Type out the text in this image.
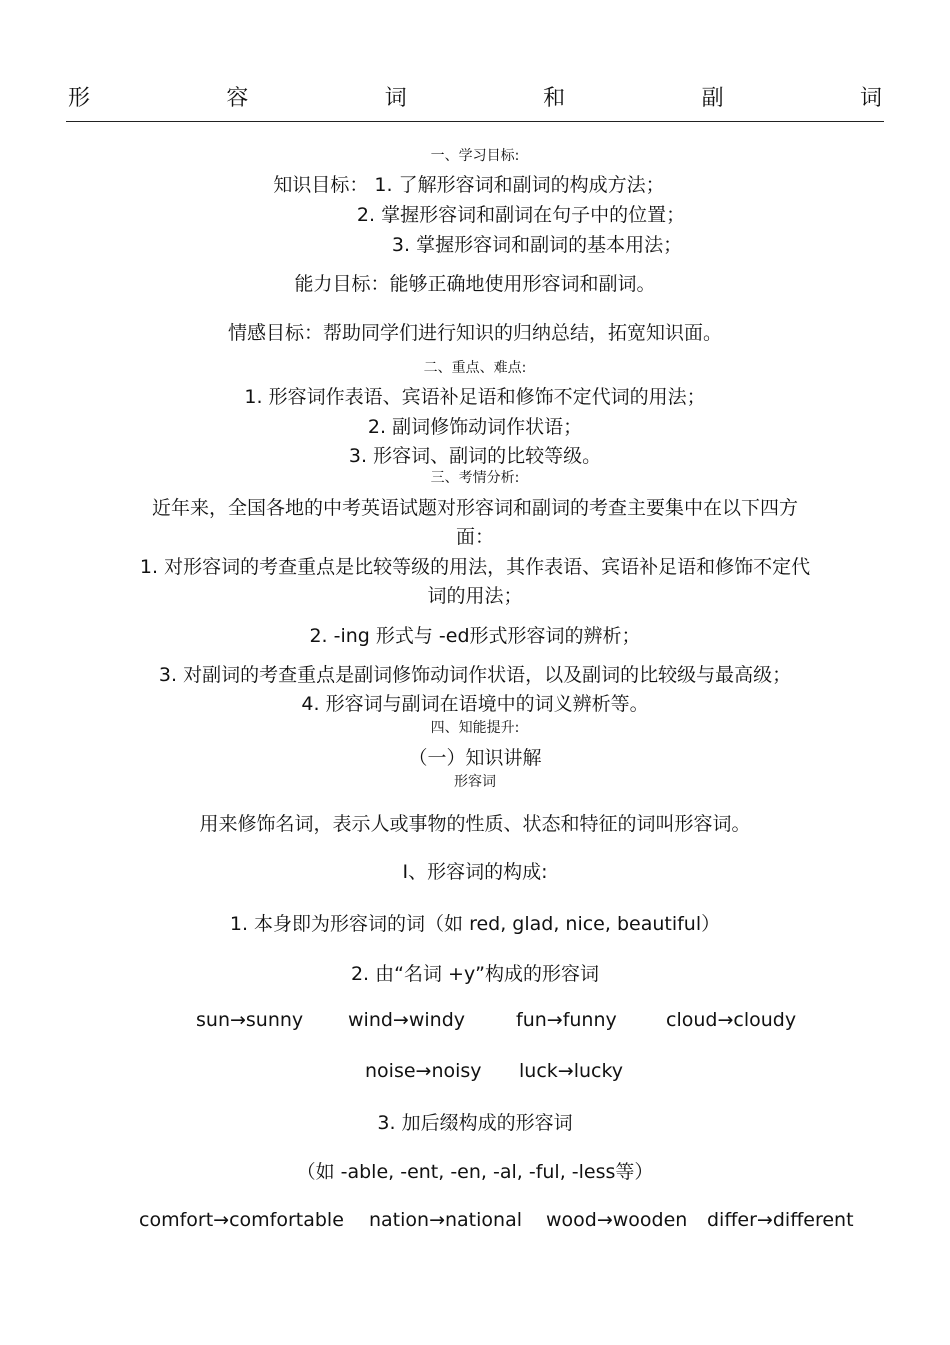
形	容	词	和	副	词
一、学习目标:
知识目标： 1. 了解形容词和副词的构成方法；
2. 掌握形容词和副词在句子中的位置；
3. 掌握形容词和副词的基本用法；
能力目标：能够正确地使用形容词和副词。
情感目标：帮助同学们进行知识的归纳总结，拓宽知识面。
二、重点、难点:
1. 形容词作表语、宾语补足语和修饰不定代词的用法；
2. 副词修饰动词作状语；
3. 形容词、副词的比较等级。
三、考情分析:
近年来，全国各地的中考英语试题对形容词和副词的考查主要集中在以下四方
面：
1. 对形容词的考查重点是比较等级的用法，其作表语、宾语补足语和修饰不定代
词的用法；
2. -ing 形式与 -ed形式形容词的辨析；
3. 对副词的考查重点是副词修饰动词作状语，以及副词的比较级与最高级；
4. 形容词与副词在语境中的词义辨析等。
四、知能提升:
（一）知识讲解
形容词
用来修饰名词，表示人或事物的性质、状态和特征的词叫形容词。
Ⅰ、形容词的构成:
1. 本身即为形容词的词（如 red, glad, nice, beautiful）
2. 由“名词 +y”构成的形容词
sun→sunny wind→windy	fun→funny	cloud→cloudy
noise→noisy luck→lucky
3. 加后缀构成的形容词
（如 -able, -ent, -en, -al, -ful, -less等）
comfort→comfortable nation→national wood→wooden differ→different
